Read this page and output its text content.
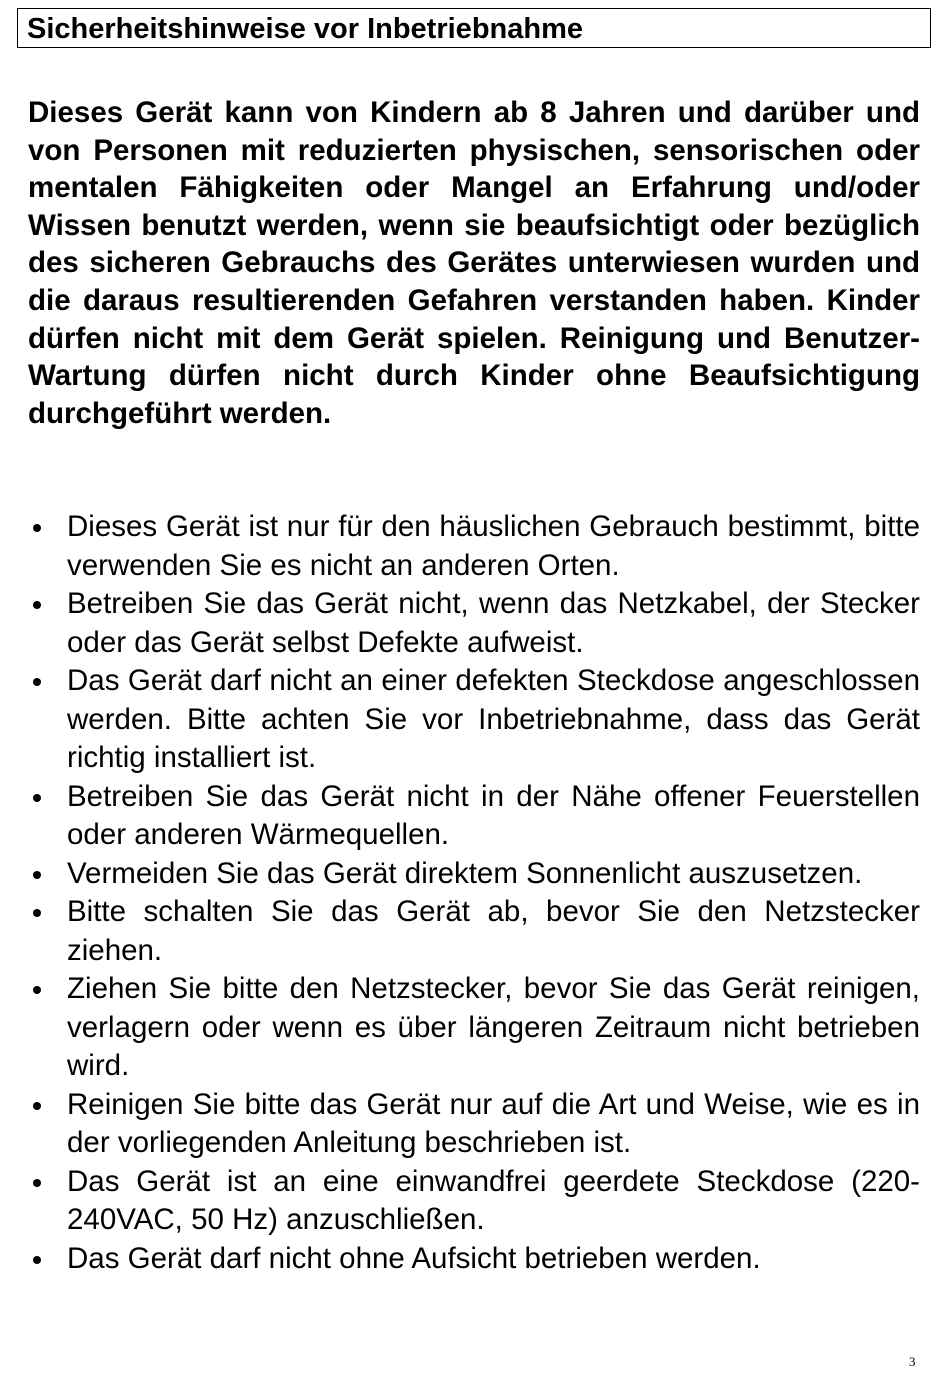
Sicherheitshinweise vor Inbetriebnahme

Dieses Gerät kann von Kindern ab 8 Jahren und darüber und von Personen mit reduzierten physischen, sensorischen oder mentalen Fähigkeiten oder Mangel an Erfahrung und/oder Wissen benutzt werden, wenn sie beaufsichtigt oder bezüglich des sicheren Gebrauchs des Gerätes unterwiesen wurden und die daraus resultierenden Gefahren verstanden haben. Kinder dürfen nicht mit dem Gerät spielen. Reinigung und Benutzer-Wartung dürfen nicht durch Kinder ohne Beaufsichtigung durchgeführt werden.

Dieses Gerät ist nur für den häuslichen Gebrauch bestimmt, bitte verwenden Sie es nicht an anderen Orten.
Betreiben Sie das Gerät nicht, wenn das Netzkabel, der Stecker oder das Gerät selbst Defekte aufweist.
Das Gerät darf nicht an einer defekten Steckdose angeschlossen werden. Bitte achten Sie vor Inbetriebnahme, dass das Gerät richtig installiert ist.
Betreiben Sie das Gerät nicht in der Nähe offener Feuerstellen oder anderen Wärmequellen.
Vermeiden Sie das Gerät direktem Sonnenlicht auszusetzen.
Bitte schalten Sie das Gerät ab, bevor Sie den Netzstecker ziehen.
Ziehen Sie bitte den Netzstecker, bevor Sie das Gerät reinigen, verlagern oder wenn es über längeren Zeitraum nicht betrieben wird.
Reinigen Sie bitte das Gerät nur auf die Art und Weise, wie es in der vorliegenden Anleitung beschrieben ist.
Das Gerät ist an eine einwandfrei geerdete Steckdose (220-240VAC, 50 Hz) anzuschließen.
Das Gerät darf nicht ohne Aufsicht betrieben werden.
3
